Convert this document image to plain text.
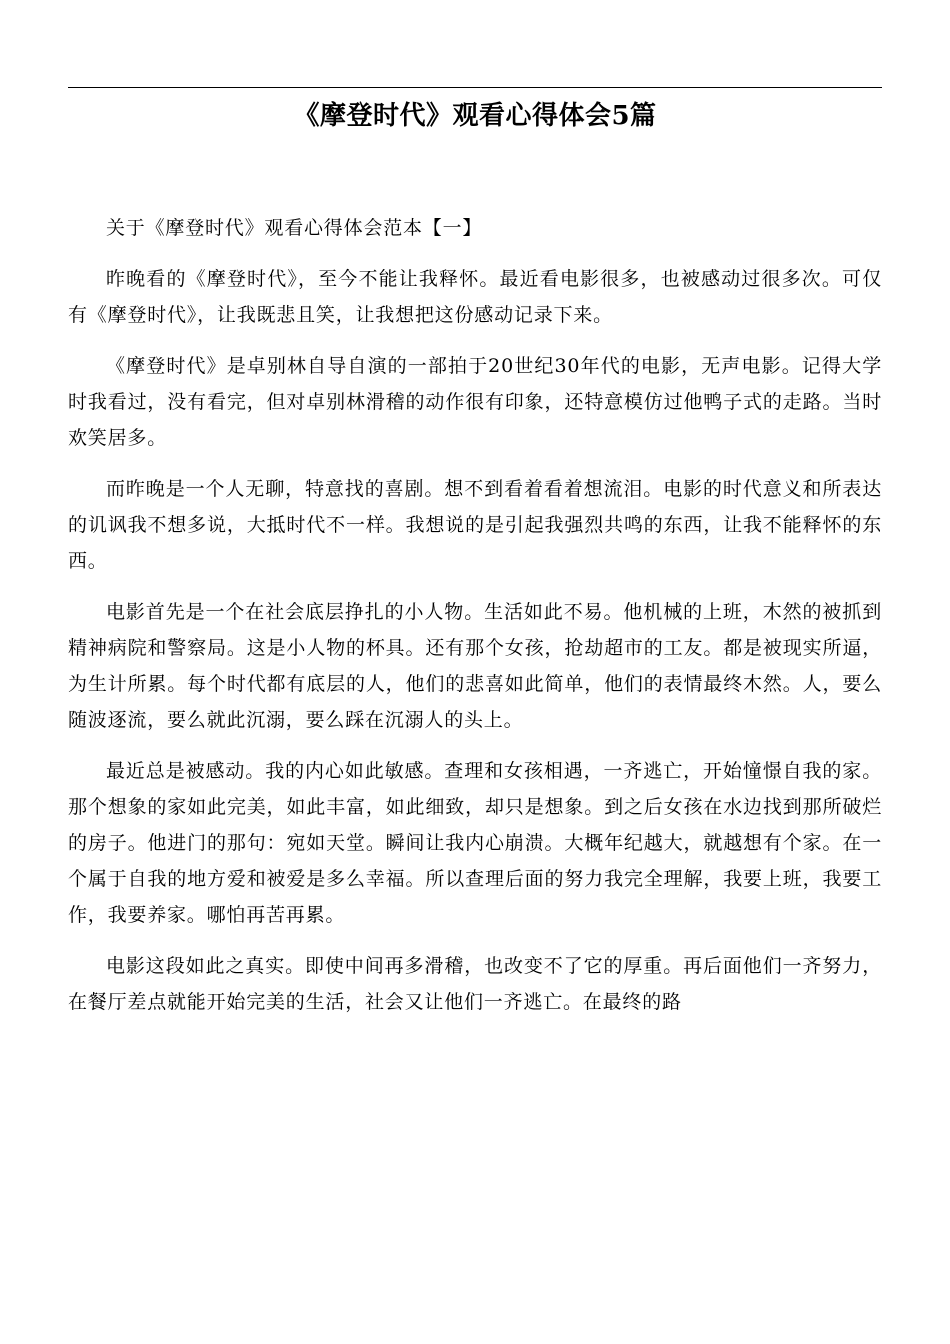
《摩登时代》观看心得体会5篇

关于《摩登时代》观看心得体会范本【一】

昨晚看的《摩登时代》，至今不能让我释怀。最近看电影很多，也被感动过很多次。可仅有《摩登时代》，让我既悲且笑，让我想把这份感动记录下来。

《摩登时代》是卓别林自导自演的一部拍于20世纪30年代的电影，无声电影。记得大学时我看过，没有看完，但对卓别林滑稽的动作很有印象，还特意模仿过他鸭子式的走路。当时欢笑居多。

而昨晚是一个人无聊，特意找的喜剧。想不到看着看着想流泪。电影的时代意义和所表达的讥讽我不想多说，大抵时代不一样。我想说的是引起我强烈共鸣的东西，让我不能释怀的东西。

电影首先是一个在社会底层挣扎的小人物。生活如此不易。他机械的上班，木然的被抓到精神病院和警察局。这是小人物的杯具。还有那个女孩，抢劫超市的工友。都是被现实所逼，为生计所累。每个时代都有底层的人，他们的悲喜如此简单，他们的表情最终木然。人，要么随波逐流，要么就此沉溺，要么踩在沉溺人的头上。

最近总是被感动。我的内心如此敏感。查理和女孩相遇，一齐逃亡，开始憧憬自我的家。那个想象的家如此完美，如此丰富，如此细致，却只是想象。到之后女孩在水边找到那所破烂的房子。他进门的那句：宛如天堂。瞬间让我内心崩溃。大概年纪越大，就越想有个家。在一个属于自我的地方爱和被爱是多么幸福。所以查理后面的努力我完全理解，我要上班，我要工作，我要养家。哪怕再苦再累。

电影这段如此之真实。即使中间再多滑稽，也改变不了它的厚重。再后面他们一齐努力，在餐厅差点就能开始完美的生活，社会又让他们一齐逃亡。在最终的路
